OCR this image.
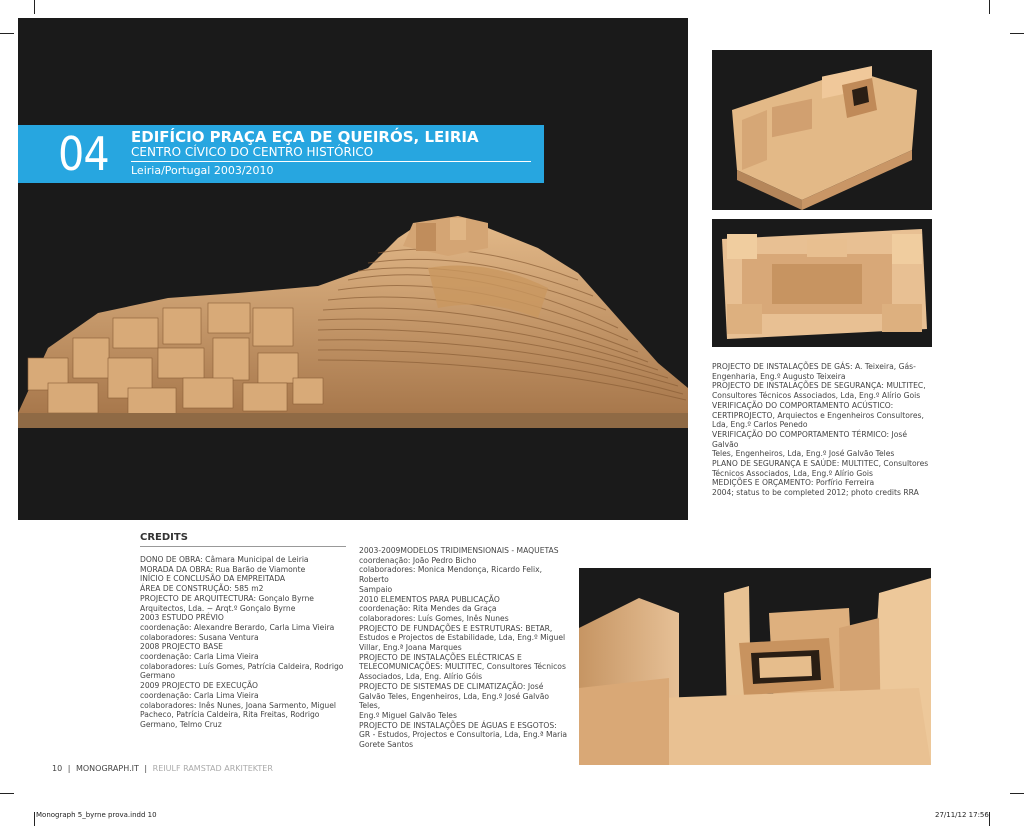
04 EDIFÍCIO PRAÇA EÇA DE QUEIRÓS, LEIRIA
CENTRO CÍVICO DO CENTRO HISTÓRICO
Leiria/Portugal 2003/2010
CREDITS

DONO DE OBRA: Câmara Municipal de Leiria

MORADA DA OBRA: Rua Barão de Viamonte

INÍCIO E CONCLUSÃO DA EMPREITADA

ÁREA DE CONSTRUÇÃO: 585 m2

PROJECTO DE ARQUITECTURA: Gonçalo Byrne

Arquitectos, Lda. ~ Arqt.º Gonçalo Byrne

2003 ESTUDO PRÉVIO

coordenação: Alexandre Berardo, Carla Lima Vieira

colaboradores: Susana Ventura

2008 PROJECTO BASE

coordenação: Carla Lima Vieira

colaboradores: Luís Gomes, Patrícia Caldeira, Rodrigo

Germano

2009 PROJECTO DE EXECUÇÃO

coordenação: Carla Lima Vieira

colaboradores: Inês Nunes, Joana Sarmento, Miguel

Pacheco, Patrícia Caldeira, Rita Freitas, Rodrigo

Germano, Telmo Cruz

2003-2009MODELOS TRIDIMENSIONAIS - MAQUETAS

coordenação: João Pedro Bicho

colaboradores: Monica Mendonça, Ricardo Felix, Roberto

Sampaio

2010 ELEMENTOS PARA PUBLICAÇÃO

coordenação: Rita Mendes da Graça

colaboradores: Luís Gomes, Inês Nunes

PROJECTO DE FUNDAÇÕES E ESTRUTURAS: BETAR,

Estudos e Projectos de Estabilidade, Lda, Eng.º Miguel

Villar, Eng.ª Joana Marques

PROJECTO DE INSTALAÇÕES ELÉCTRICAS E

TELECOMUNICAÇÕES: MULTITEC, Consultores Técnicos

Associados, Lda, Eng. Alírio Góis

PROJECTO DE SISTEMAS DE CLIMATIZAÇÃO: José

Galvão Teles, Engenheiros, Lda, Eng.º José Galvão Teles,

Eng.º Miguel Galvão Teles

PROJECTO DE INSTALAÇÕES DE ÁGUAS E ESGOTOS:

GR - Estudos, Projectos e Consultoria, Lda, Eng.ª Maria

Gorete Santos

PROJECTO DE INSTALAÇÕES DE GÁS: A. Teixeira, Gás-

Engenharia, Eng.º Augusto Teixeira

PROJECTO DE INSTALAÇÕES DE SEGURANÇA: MULTITEC,

Consultores Técnicos Associados, Lda, Eng.º Alírio Gois

VERIFICAÇÃO DO COMPORTAMENTO ACÚSTICO:

CERTIPROJECTO, Arquiectos e Engenheiros Consultores,

Lda, Eng.º Carlos Penedo

VERIFICAÇÃO DO COMPORTAMENTO TÉRMICO: José Galvão

Teles, Engenheiros, Lda, Eng.º José Galvão Teles

PLANO DE SEGURANÇA E SAÚDE: MULTITEC, Consultores

Técnicos Associados, Lda, Eng.º Alírio Gois

MEDIÇÕES E ORÇAMENTO: Porfírio Ferreira

2004; status to be completed 2012; photo credits RRA

10 | MONOGRAPH.IT | REIULF RAMSTAD ARKITEKTER
Monograph 5_byrne prova.indd 10	27/11/12 17:56
